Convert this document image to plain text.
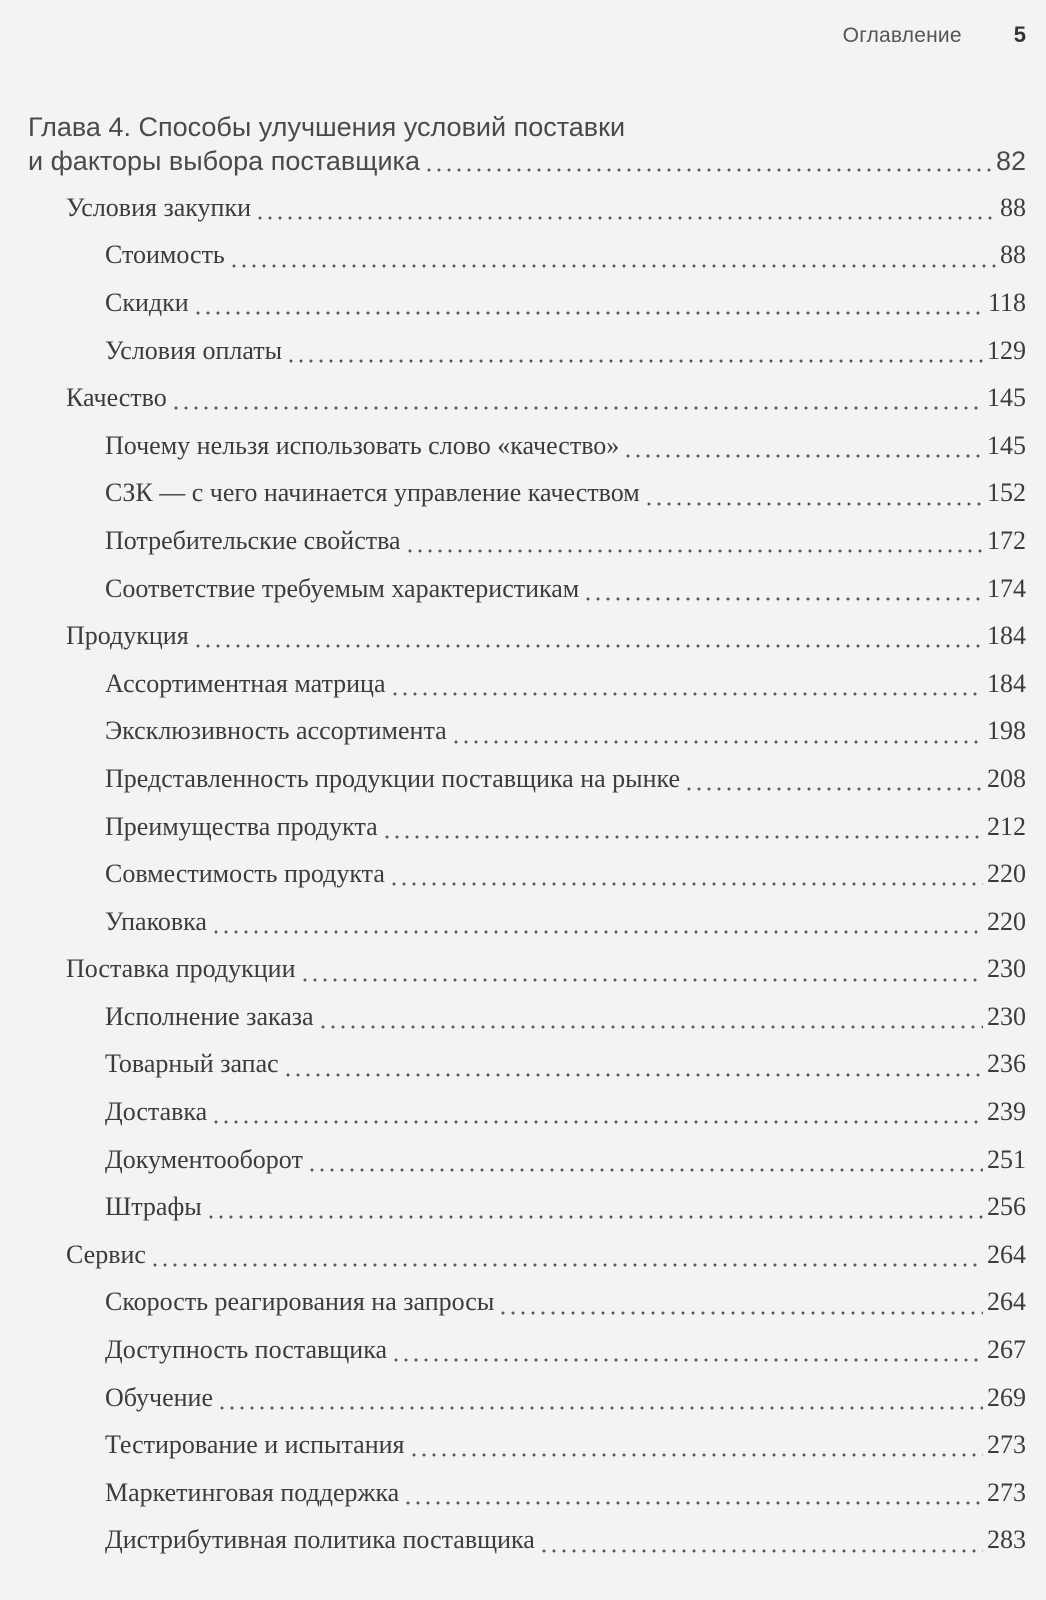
Оглавление 5
Глава 4. Способы улучшения условий поставки
и факторы выбора поставщика	82
Условия закупки	88
Стоимость	88
Скидки	118
Условия оплаты	129
Качество	145
Почему нельзя использовать слово «качество»	145
СЗК — с чего начинается управление качеством	152
Потребительские свойства	172
Соответствие требуемым характеристикам	174
Продукция	184
Ассортиментная матрица	184
Эксклюзивность ассортимента	198
Представленность продукции поставщика на рынке	208
Преимущества продукта	212
Совместимость продукта	220
Упаковка	220
Поставка продукции	230
Исполнение заказа	230
Товарный запас	236
Доставка	239
Документооборот	251
Штрафы	256
Сервис	264
Скорость реагирования на запросы	264
Доступность поставщика	267
Обучение	269
Тестирование и испытания	273
Маркетинговая поддержка	273
Дистрибутивная политика поставщика	283
